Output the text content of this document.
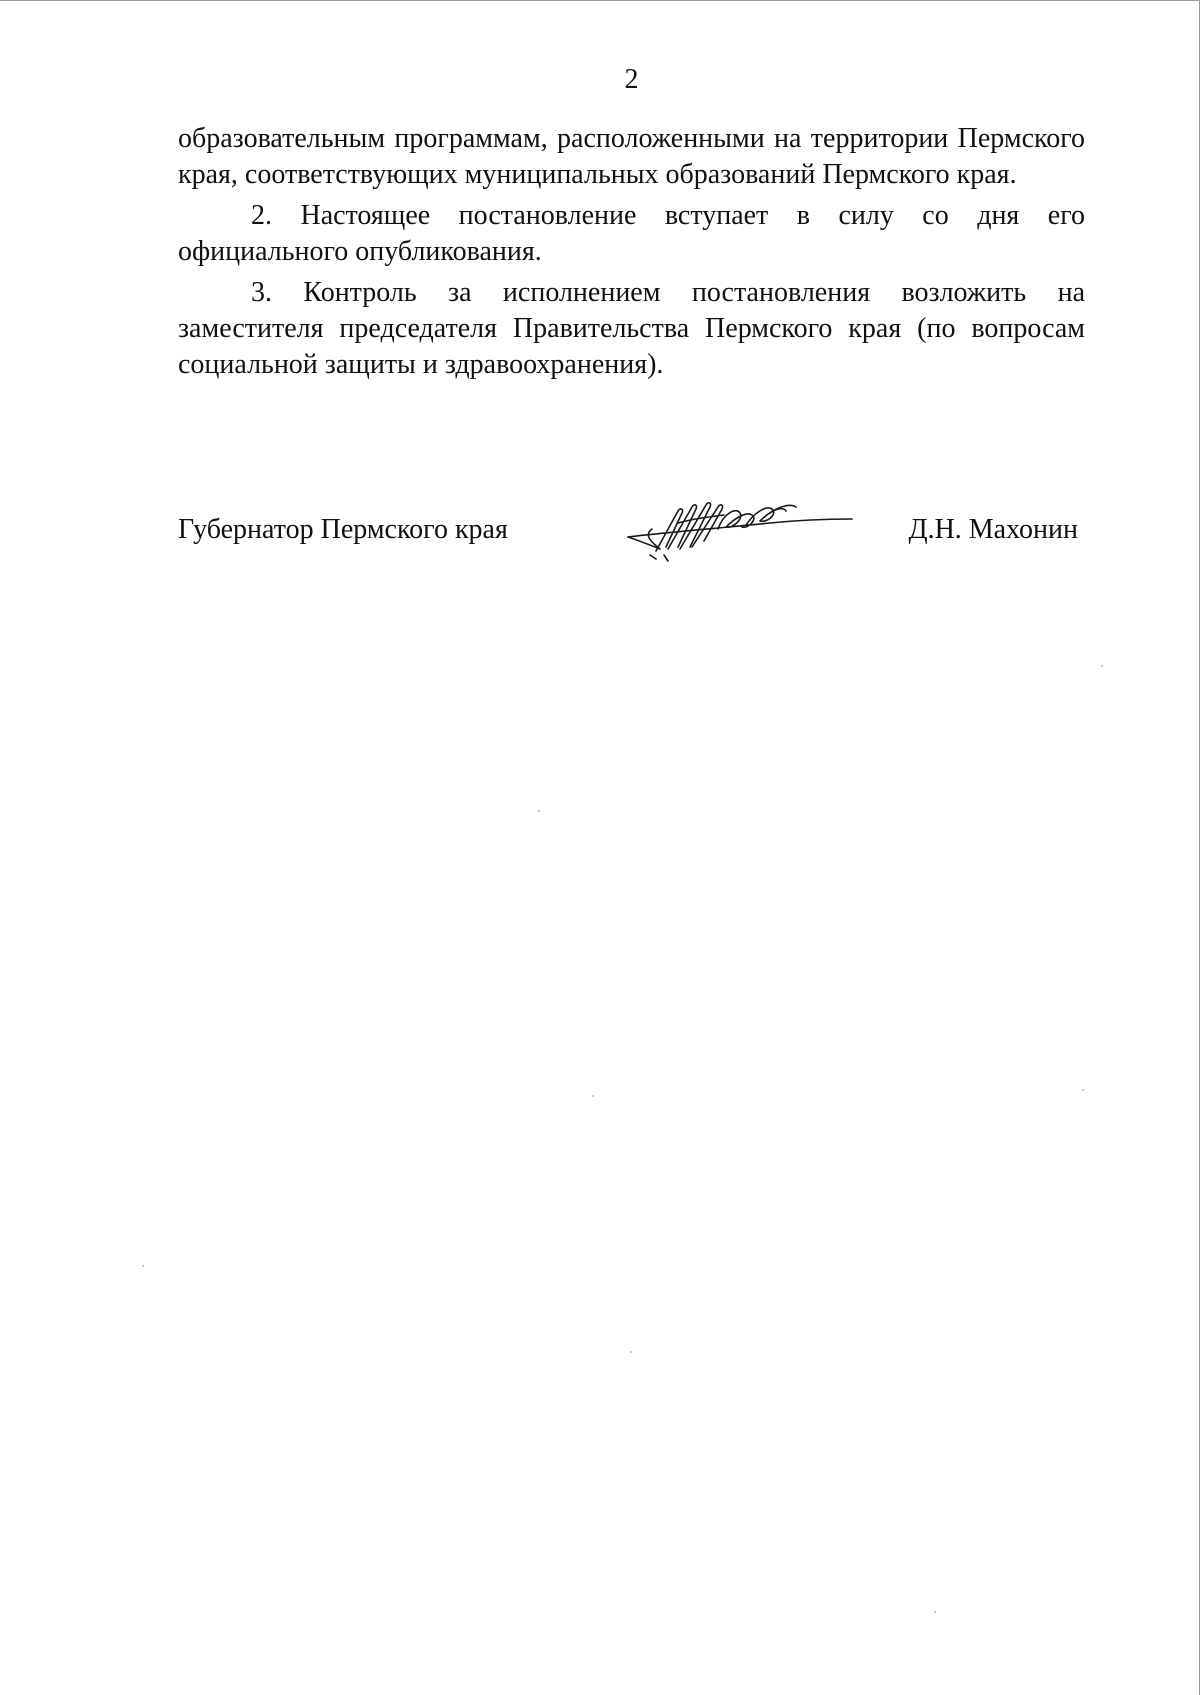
2

образовательным программам, расположенными на территории Пермского края, соответствующих муниципальных образований Пермского края.

2. Настоящее постановление вступает в силу со дня его официального опубликования.

3. Контроль за исполнением постановления возложить на заместителя председателя Правительства Пермского края (по вопросам социальной защиты и здравоохранения).

Губернатор Пермского края	Д.Н. Махонин
